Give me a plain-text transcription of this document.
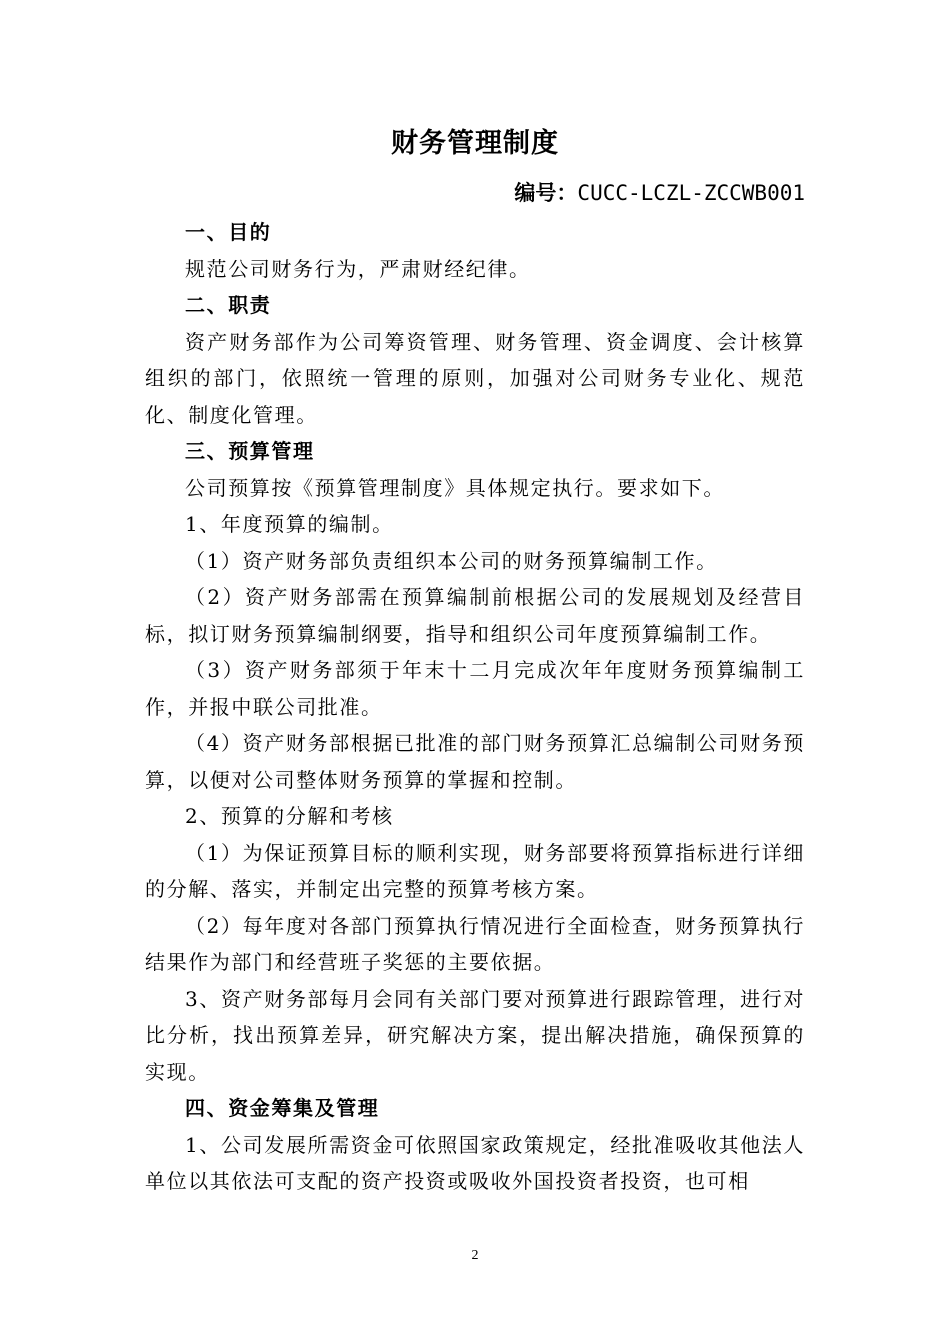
财务管理制度
编号：CUCC-LCZL-ZCCWB001

一、目的

规范公司财务行为，严肃财经纪律。

二、职责

资产财务部作为公司筹资管理、财务管理、资金调度、会计核算组织的部门，依照统一管理的原则，加强对公司财务专业化、规范化、制度化管理。

三、预算管理

公司预算按《预算管理制度》具体规定执行。要求如下。

1、年度预算的编制。

（1）资产财务部负责组织本公司的财务预算编制工作。

（2）资产财务部需在预算编制前根据公司的发展规划及经营目标，拟订财务预算编制纲要，指导和组织公司年度预算编制工作。

（3）资产财务部须于年末十二月完成次年年度财务预算编制工作，并报中联公司批准。

（4）资产财务部根据已批准的部门财务预算汇总编制公司财务预算，以便对公司整体财务预算的掌握和控制。

2、预算的分解和考核

（1）为保证预算目标的顺利实现，财务部要将预算指标进行详细的分解、落实，并制定出完整的预算考核方案。

（2）每年度对各部门预算执行情况进行全面检查，财务预算执行结果作为部门和经营班子奖惩的主要依据。

3、资产财务部每月会同有关部门要对预算进行跟踪管理，进行对比分析，找出预算差异，研究解决方案，提出解决措施，确保预算的实现。

四、资金筹集及管理

1、公司发展所需资金可依照国家政策规定，经批准吸收其他法人单位以其依法可支配的资产投资或吸收外国投资者投资，也可相

2
